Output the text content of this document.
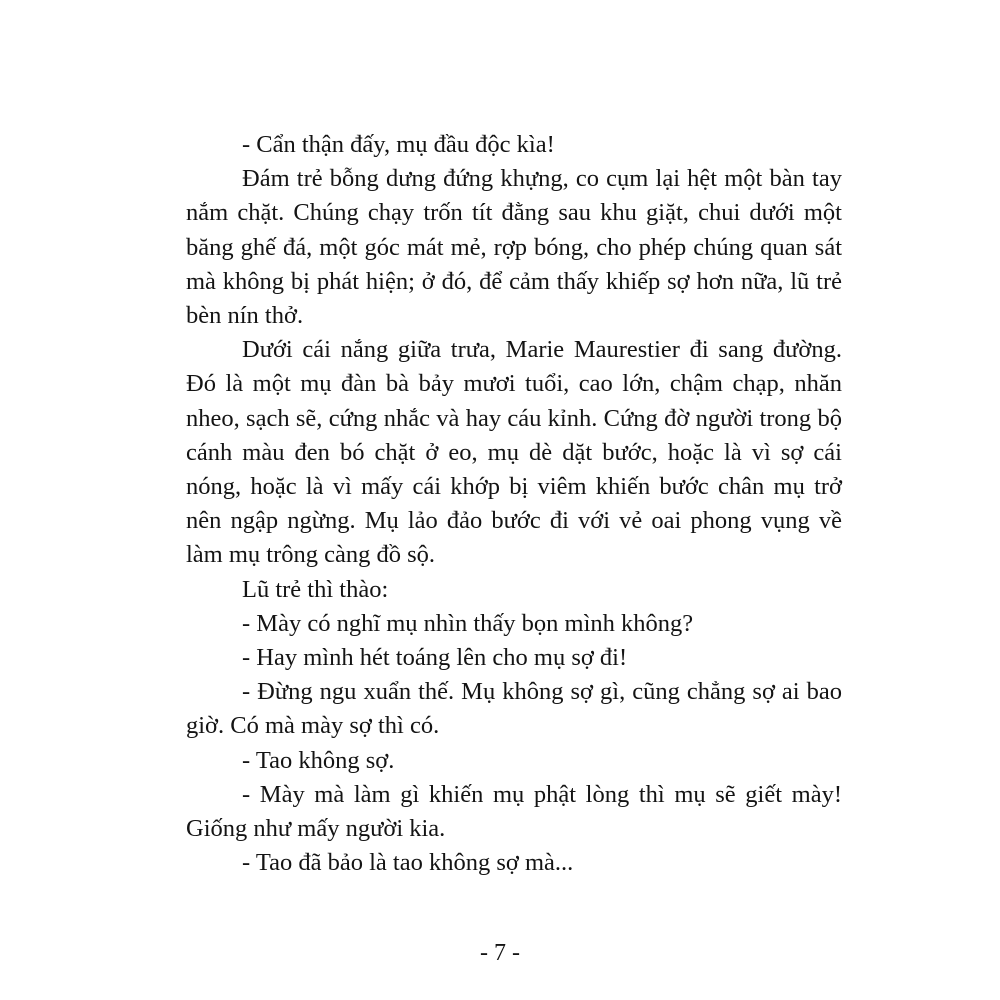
- Cẩn thận đấy, mụ đầu độc kìa!

Đám trẻ bỗng dưng đứng khựng, co cụm lại hệt một bàn tay nắm chặt. Chúng chạy trốn tít đằng sau khu giặt, chui dưới một băng ghế đá, một góc mát mẻ, rợp bóng, cho phép chúng quan sát mà không bị phát hiện; ở đó, để cảm thấy khiếp sợ hơn nữa, lũ trẻ bèn nín thở.

Dưới cái nắng giữa trưa, Marie Maurestier đi sang đường. Đó là một mụ đàn bà bảy mươi tuổi, cao lớn, chậm chạp, nhăn nheo, sạch sẽ, cứng nhắc và hay cáu kỉnh. Cứng đờ người trong bộ cánh màu đen bó chặt ở eo, mụ dè dặt bước, hoặc là vì sợ cái nóng, hoặc là vì mấy cái khớp bị viêm khiến bước chân mụ trở nên ngập ngừng. Mụ lảo đảo bước đi với vẻ oai phong vụng về làm mụ trông càng đồ sộ.

Lũ trẻ thì thào:

- Mày có nghĩ mụ nhìn thấy bọn mình không?

- Hay mình hét toáng lên cho mụ sợ đi!

- Đừng ngu xuẩn thế. Mụ không sợ gì, cũng chẳng sợ ai bao giờ. Có mà mày sợ thì có.

- Tao không sợ.

- Mày mà làm gì khiến mụ phật lòng thì mụ sẽ giết mày! Giống như mấy người kia.

- Tao đã bảo là tao không sợ mà...

- 7 -
